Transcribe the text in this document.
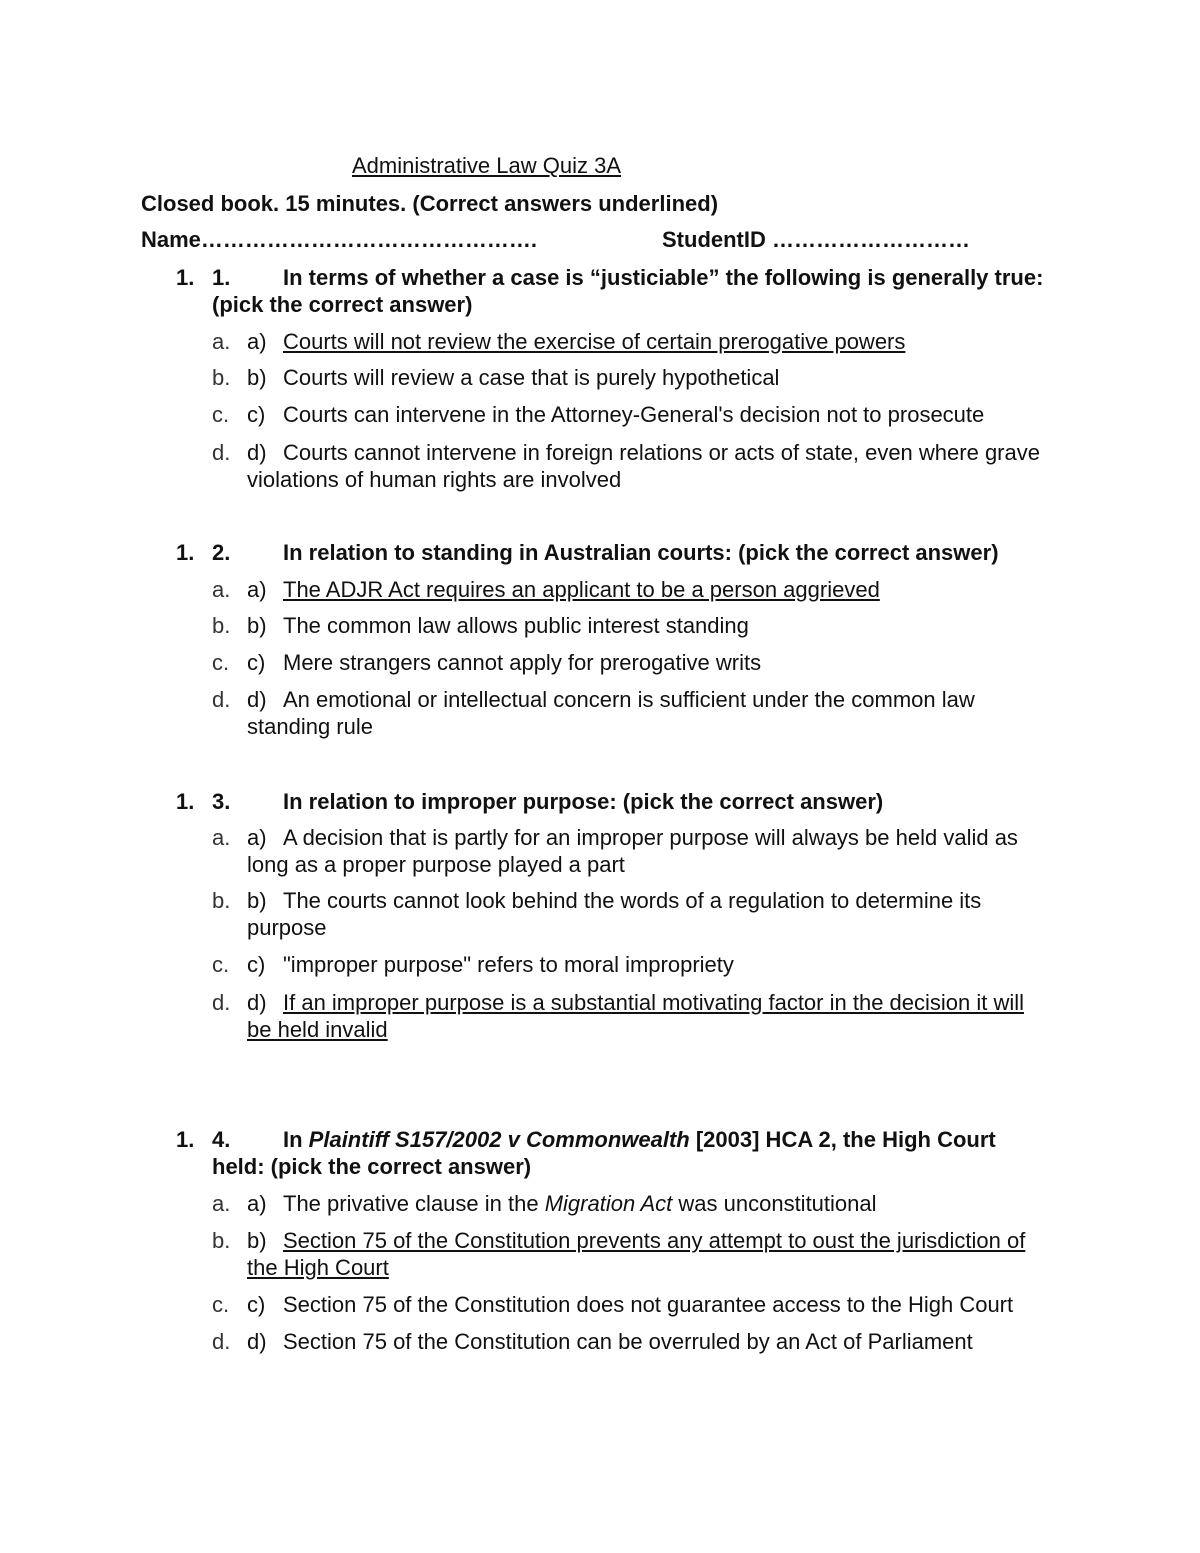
Administrative Law Quiz 3A
Closed book. 15 minutes. (Correct answers underlined)
Name……………………………………….	StudentID ………………………
1. 1. In terms of whether a case is “justiciable” the following is generally true:
(pick the correct answer)
a. a) Courts will not review the exercise of certain prerogative powers
b. b) Courts will review a case that is purely hypothetical
c. c) Courts can intervene in the Attorney-General's decision not to prosecute
d. d) Courts cannot intervene in foreign relations or acts of state, even where grave
violations of human rights are involved
1. 2. In relation to standing in Australian courts: (pick the correct answer)
a. a) The ADJR Act requires an applicant to be a person aggrieved
b. b) The common law allows public interest standing
c. c) Mere strangers cannot apply for prerogative writs
d. d) An emotional or intellectual concern is sufficient under the common law
standing rule
1. 3. In relation to improper purpose: (pick the correct answer)
a. a) A decision that is partly for an improper purpose will always be held valid as
long as a proper purpose played a part
b. b) The courts cannot look behind the words of a regulation to determine its
purpose
c. c) "improper purpose" refers to moral impropriety
d. d) If an improper purpose is a substantial motivating factor in the decision it will
be held invalid
1. 4. In Plaintiff S157/2002 v Commonwealth [2003] HCA 2, the High Court
held: (pick the correct answer)
a. a) The privative clause in the Migration Act was unconstitutional
b. b) Section 75 of the Constitution prevents any attempt to oust the jurisdiction of
the High Court
c. c) Section 75 of the Constitution does not guarantee access to the High Court
d. d) Section 75 of the Constitution can be overruled by an Act of Parliament
